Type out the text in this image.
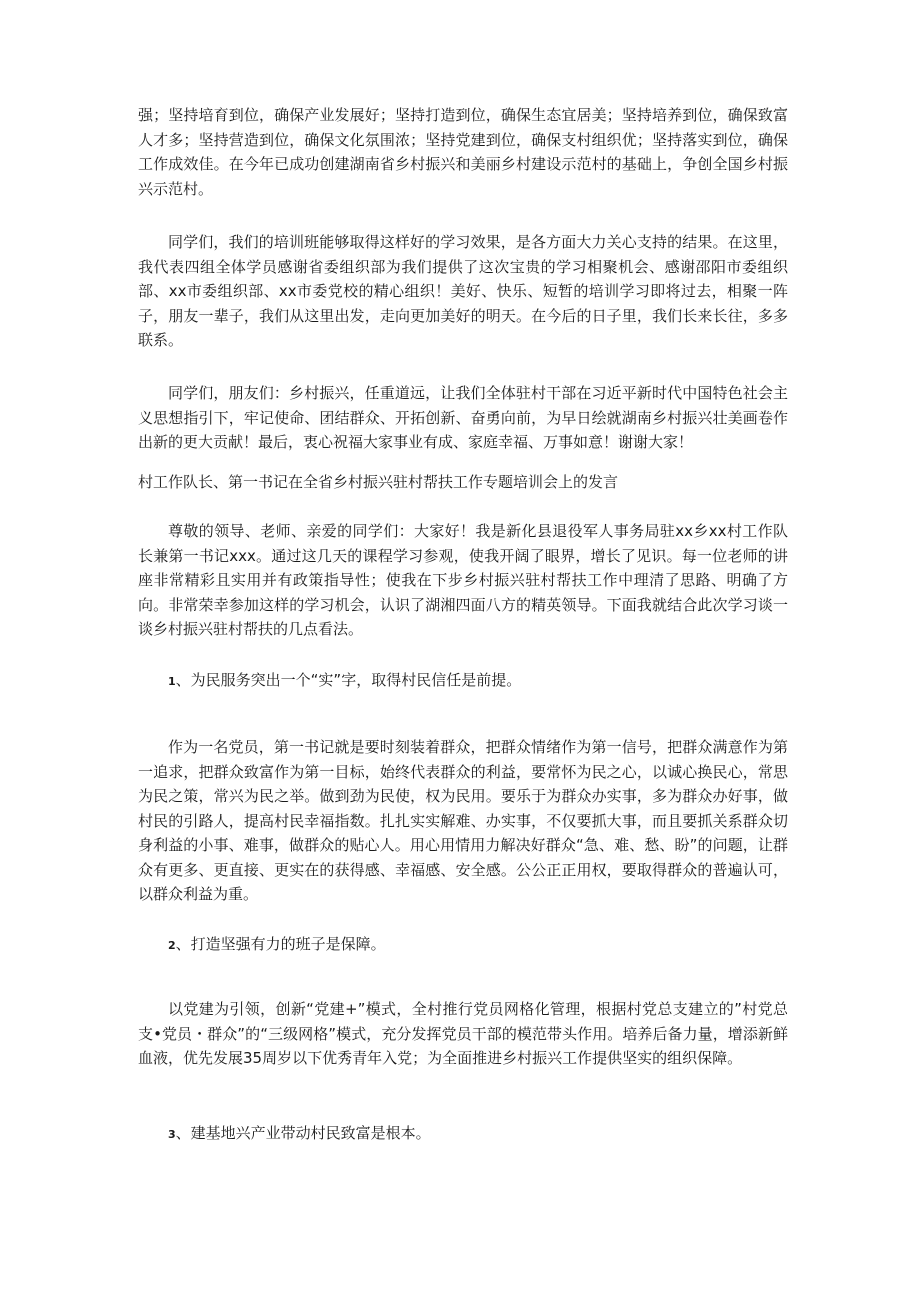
强；坚持培育到位，确保产业发展好；坚持打造到位，确保生态宜居美；坚持培养到位，确保致富人才多；坚持营造到位，确保文化氛围浓；坚持党建到位，确保支村组织优；坚持落实到位，确保工作成效佳。在今年已成功创建湖南省乡村振兴和美丽乡村建设示范村的基础上，争创全国乡村振兴示范村。

同学们，我们的培训班能够取得这样好的学习效果，是各方面大力关心支持的结果。在这里，我代表四组全体学员感谢省委组织部为我们提供了这次宝贵的学习相聚机会、感谢邵阳市委组织部、xx市委组织部、xx市委党校的精心组织！美好、快乐、短暂的培训学习即将过去，相聚一阵子，朋友一辈子，我们从这里出发，走向更加美好的明天。在今后的日子里，我们长来长往，多多联系。

同学们，朋友们：乡村振兴，任重道远，让我们全体驻村干部在习近平新时代中国特色社会主义思想指引下，牢记使命、团结群众、开拓创新、奋勇向前，为早日绘就湖南乡村振兴壮美画卷作出新的更大贡献！最后，衷心祝福大家事业有成、家庭幸福、万事如意！谢谢大家！

村工作队长、第一书记在全省乡村振兴驻村帮扶工作专题培训会上的发言

尊敬的领导、老师、亲爱的同学们：大家好！我是新化县退役军人事务局驻xx乡xx村工作队长兼第一书记xxx。通过这几天的课程学习参观，使我开阔了眼界，增长了见识。每一位老师的讲座非常精彩且实用并有政策指导性；使我在下步乡村振兴驻村帮扶工作中理清了思路、明确了方向。非常荣幸参加这样的学习机会，认识了湖湘四面八方的精英领导。下面我就结合此次学习谈一谈乡村振兴驻村帮扶的几点看法。

1、为民服务突出一个“实”字，取得村民信任是前提。

作为一名党员，第一书记就是要时刻装着群众，把群众情绪作为第一信号，把群众满意作为第一追求，把群众致富作为第一目标，始终代表群众的利益，要常怀为民之心，以诚心换民心，常思为民之策，常兴为民之举。做到劲为民使，权为民用。要乐于为群众办实事，多为群众办好事，做村民的引路人，提高村民幸福指数。扎扎实实解难、办实事，不仅要抓大事，而且要抓关系群众切身利益的小事、难事，做群众的贴心人。用心用情用力解决好群众“急、难、愁、盼”的问题，让群众有更多、更直接、更实在的获得感、幸福感、安全感。公公正正用权，要取得群众的普遍认可，以群众利益为重。

2、打造坚强有力的班子是保障。

以党建为引领，创新“党建+”模式，全村推行党员网格化管理，根据村党总支建立的”村党总支•党员・群众”的“三级网格”模式，充分发挥党员干部的模范带头作用。培养后备力量，增添新鲜血液，优先发展35周岁以下优秀青年入党；为全面推进乡村振兴工作提供坚实的组织保障。

3、建基地兴产业带动村民致富是根本。
